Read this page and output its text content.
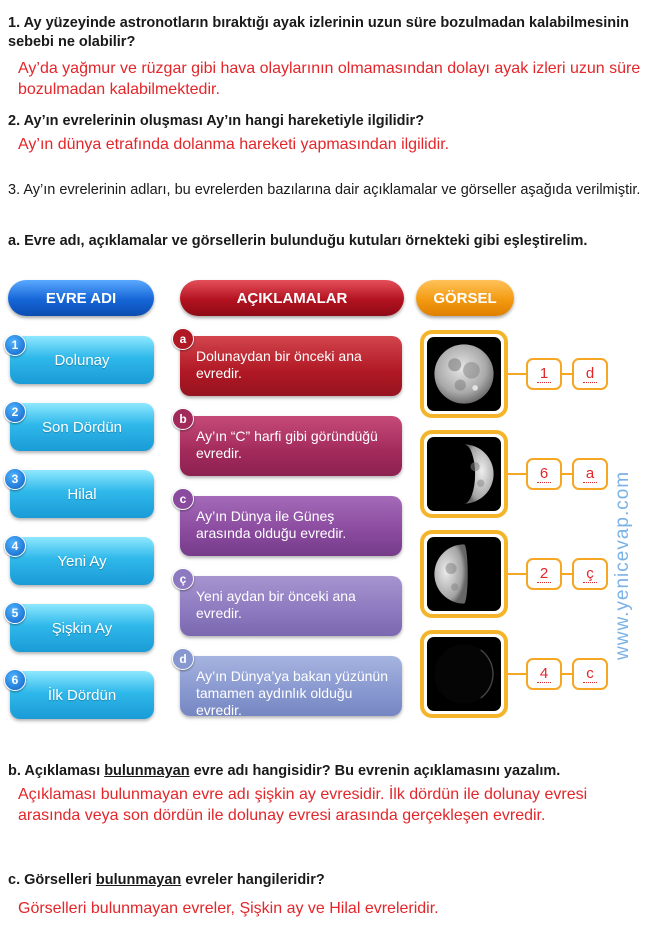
1. Ay yüzeyinde astronotların bıraktığı ayak izlerinin uzun süre bozulmadan kalabilmesinin sebebi ne olabilir?
Ay’da yağmur ve rüzgar gibi hava olaylarının olmamasından dolayı ayak izleri uzun süre bozulmadan kalabilmektedir.
2. Ay’ın evrelerinin oluşması Ay’ın hangi hareketiyle ilgilidir?
Ay’ın dünya etrafında dolanma hareketi yapmasından ilgilidir.
3. Ay’ın evrelerinin adları, bu evrelerden bazılarına dair açıklamalar ve görseller aşağıda verilmiştir.
a. Evre adı, açıklamalar ve görsellerin bulunduğu kutuları örnekteki gibi eşleştirelim.
EVRE ADI	AÇIKLAMALAR	GÖRSEL
1
Dolunay
2
Son Dördün
3
Hilal
4
Yeni Ay
5
Şişkin Ay
6
İlk Dördün
a
Dolunaydan bir önceki ana evredir.
b
Ay’ın “C” harfi gibi göründüğü evredir.
c
Ay’ın Dünya ile Güneş arasında olduğu evredir.
ç
Yeni aydan bir önceki ana evredir.
d
Ay’ın Dünya’ya bakan yüzünün tamamen aydınlık olduğu evredir.
1	d
6	a
2	ç
4	c
www.yenicevap.com
b. Açıklaması bulunmayan evre adı hangisidir? Bu evrenin açıklamasını yazalım.
Açıklaması bulunmayan evre adı şişkin ay evresidir. İlk dördün ile dolunay evresi arasında veya son dördün ile dolunay evresi arasında gerçekleşen evredir.
c. Görselleri bulunmayan evreler hangileridir?
Görselleri bulunmayan evreler, Şişkin ay ve Hilal evreleridir.
